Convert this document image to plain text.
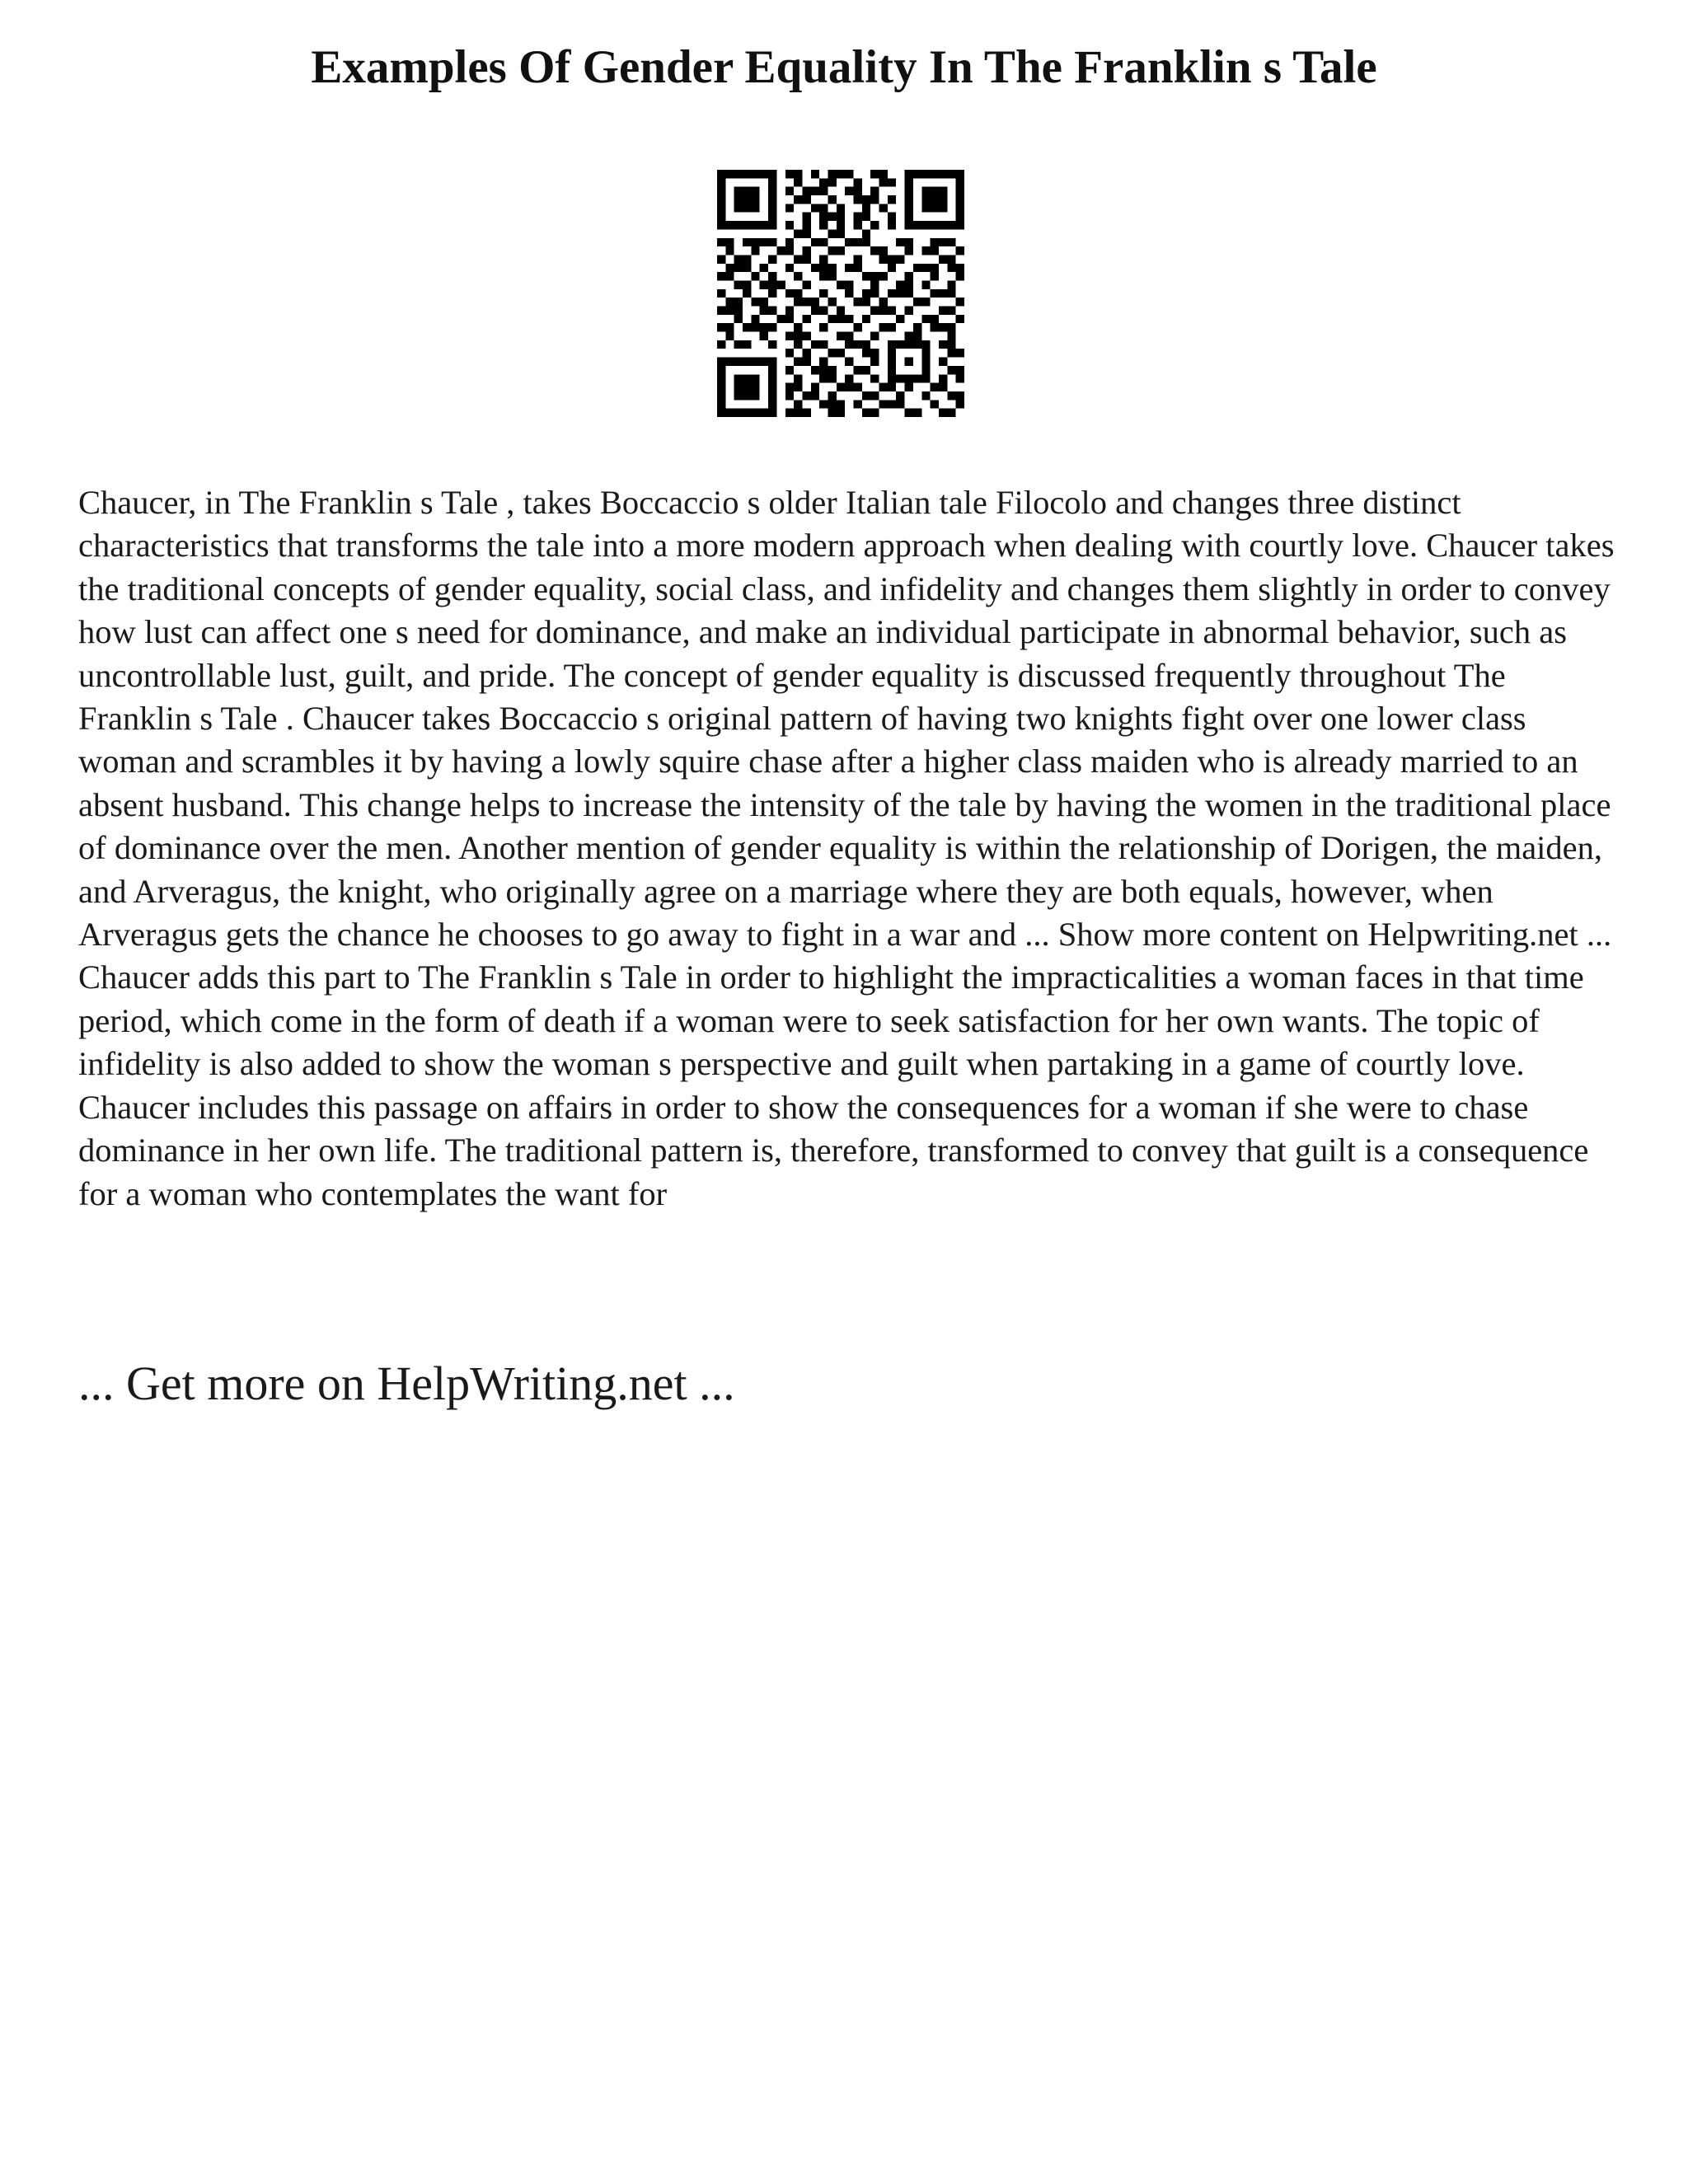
Examples Of Gender Equality In The Franklin s Tale

Chaucer, in The Franklin s Tale , takes Boccaccio s older Italian tale Filocolo and changes three distinct characteristics that transforms the tale into a more modern approach when dealing with courtly love. Chaucer takes the traditional concepts of gender equality, social class, and infidelity and changes them slightly in order to convey how lust can affect one s need for dominance, and make an individual participate in abnormal behavior, such as uncontrollable lust, guilt, and pride. The concept of gender equality is discussed frequently throughout The Franklin s Tale . Chaucer takes Boccaccio s original pattern of having two knights fight over one lower class woman and scrambles it by having a lowly squire chase after a higher class maiden who is already married to an absent husband. This change helps to increase the intensity of the tale by having the women in the traditional place of dominance over the men. Another mention of gender equality is within the relationship of Dorigen, the maiden, and Arveragus, the knight, who originally agree on a marriage where they are both equals, however, when Arveragus gets the chance he chooses to go away to fight in a war and ... Show more content on Helpwriting.net ...

Chaucer adds this part to The Franklin s Tale in order to highlight the impracticalities a woman faces in that time period, which come in the form of death if a woman were to seek satisfaction for her own wants. The topic of infidelity is also added to show the woman s perspective and guilt when partaking in a game of courtly love. Chaucer includes this passage on affairs in order to show the consequences for a woman if she were to chase dominance in her own life. The traditional pattern is, therefore, transformed to convey that guilt is a consequence for a woman who contemplates the want for

... Get more on HelpWriting.net ...
